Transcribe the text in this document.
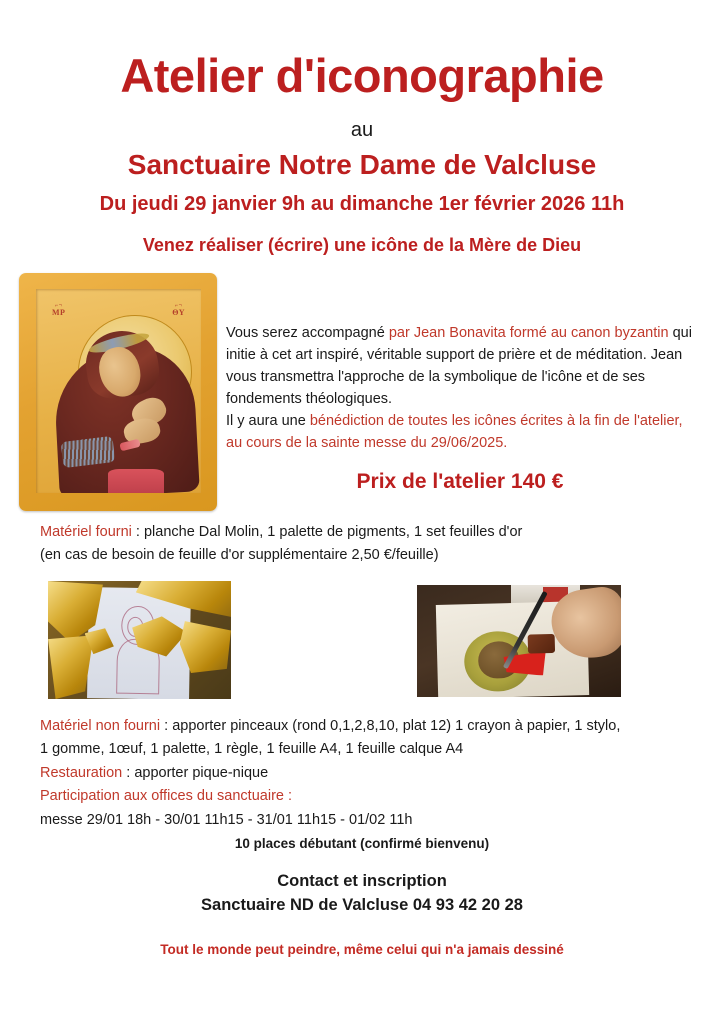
Atelier d'iconographie
au
Sanctuaire Notre Dame de Valcluse
Du jeudi 29 janvier 9h au dimanche 1er février 2026 11h
Venez réaliser (écrire) une icône de la Mère de Dieu
⌐¬
ΜΡ
⌐¬
ΘΥ
Vous serez accompagné par Jean Bonavita formé au canon byzantin qui initie à cet art inspiré, véritable support de prière et de méditation. Jean vous transmettra l'approche de la symbolique de l'icône et de ses fondements théologiques.
Il y aura une bénédiction de toutes les icônes écrites à la fin de l'atelier, au cours de la sainte messe du 29/06/2025.
Prix de l'atelier 140 €
Matériel fourni : planche Dal Molin, 1 palette de pigments, 1 set feuilles d'or
(en cas de besoin de feuille d'or supplémentaire 2,50 €/feuille)
Matériel non fourni : apporter pinceaux (rond 0,1,2,8,10, plat 12) 1 crayon à papier, 1 stylo,
1 gomme, 1œuf, 1 palette, 1 règle, 1 feuille A4, 1 feuille calque A4
Restauration : apporter pique-nique
Participation aux offices du sanctuaire :
messe 29/01 18h - 30/01 11h15 - 31/01 11h15 - 01/02 11h
10 places débutant (confirmé bienvenu)
Contact et inscription
Sanctuaire ND de Valcluse 04 93 42 20 28
Tout le monde peut peindre, même celui qui n'a jamais dessiné
